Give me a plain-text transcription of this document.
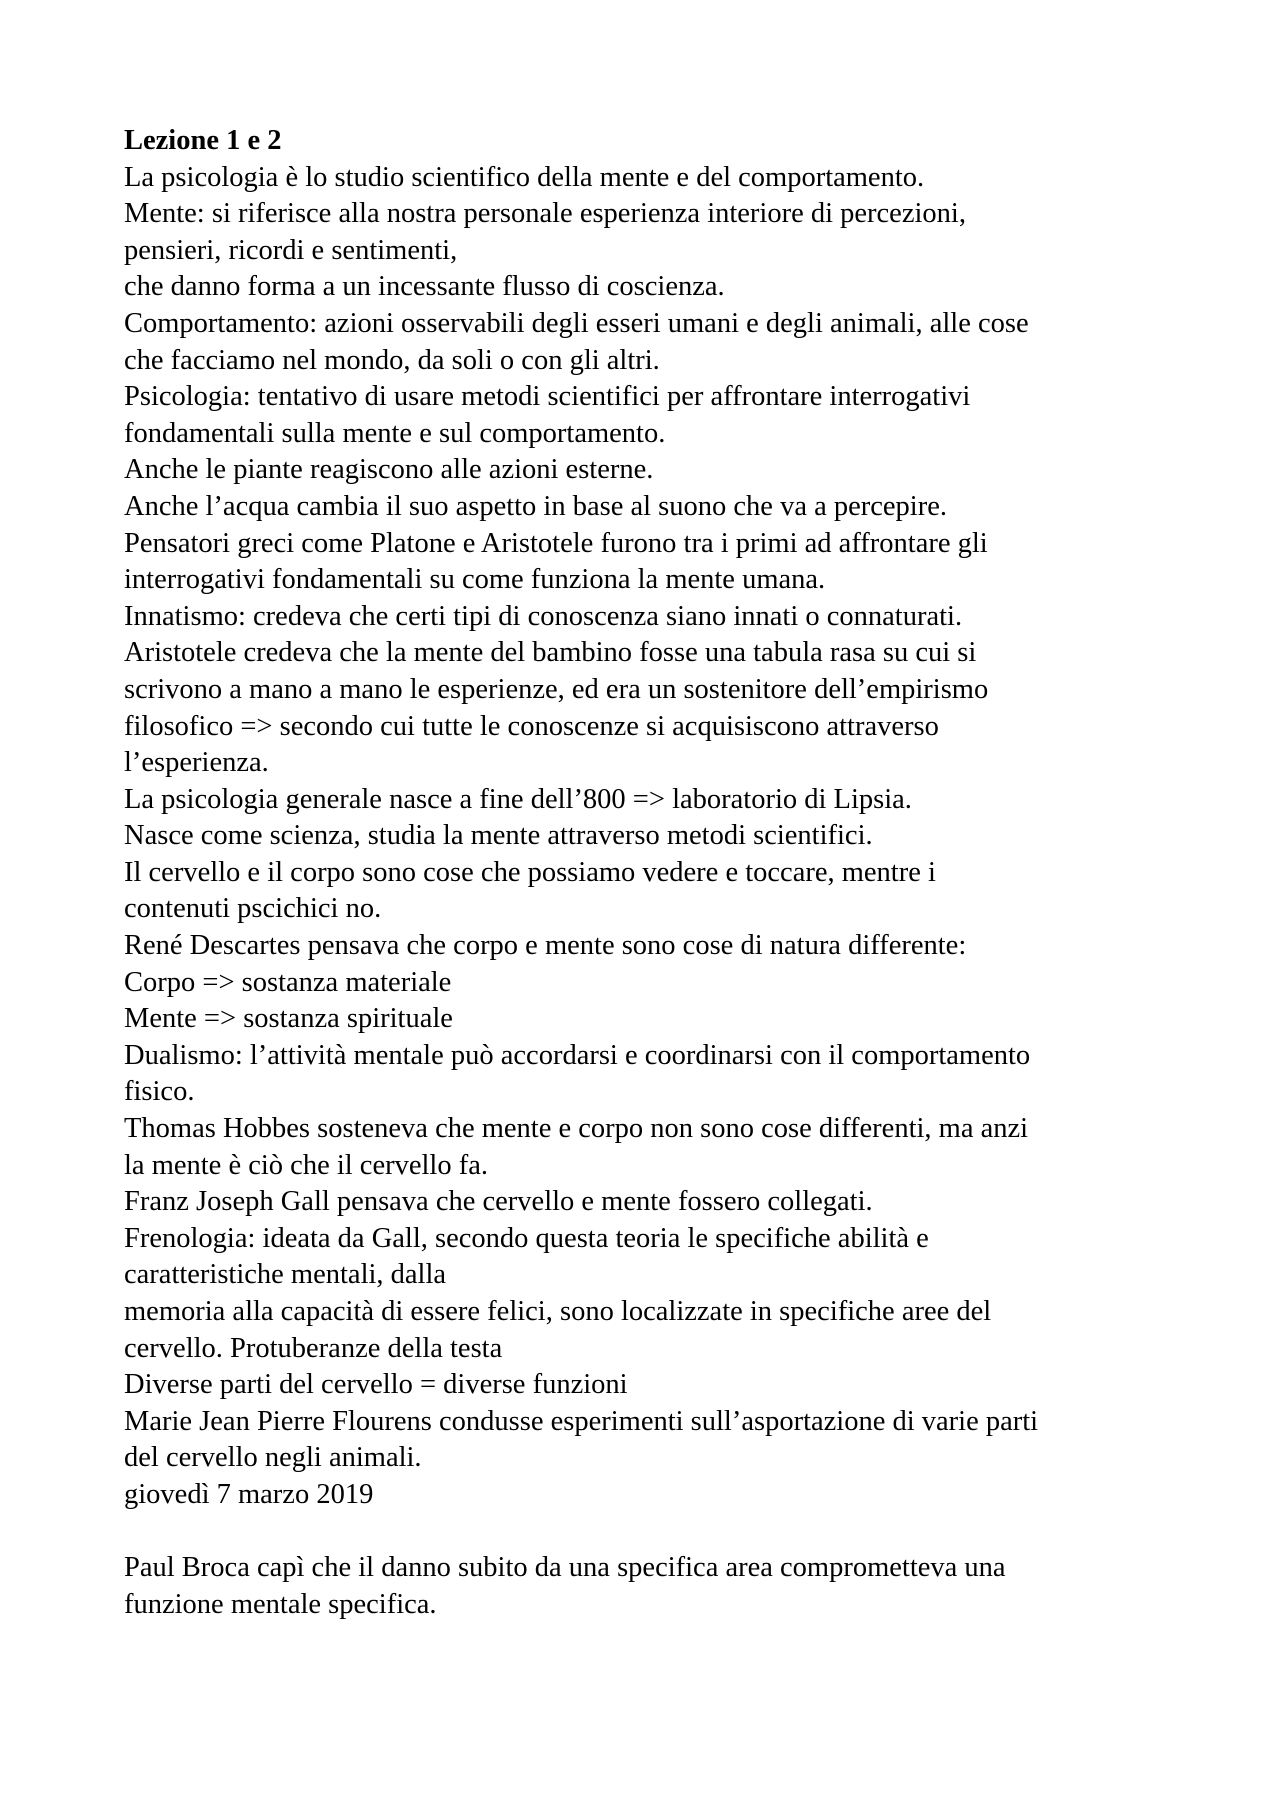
Lezione 1 e 2
La psicologia è lo studio scientifico della mente e del comportamento.
Mente: si riferisce alla nostra personale esperienza interiore di percezioni,
pensieri, ricordi e sentimenti,
che danno forma a un incessante flusso di coscienza.
Comportamento: azioni osservabili degli esseri umani e degli animali, alle cose
che facciamo nel mondo, da soli o con gli altri.
Psicologia: tentativo di usare metodi scientifici per affrontare interrogativi
fondamentali sulla mente e sul comportamento.
Anche le piante reagiscono alle azioni esterne.
Anche l’acqua cambia il suo aspetto in base al suono che va a percepire.
Pensatori greci come Platone e Aristotele furono tra i primi ad affrontare gli
interrogativi fondamentali su come funziona la mente umana.
Innatismo: credeva che certi tipi di conoscenza siano innati o connaturati.
Aristotele credeva che la mente del bambino fosse una tabula rasa su cui si
scrivono a mano a mano le esperienze, ed era un sostenitore dell’empirismo
filosofico => secondo cui tutte le conoscenze si acquisiscono attraverso
l’esperienza.
La psicologia generale nasce a fine dell’800 => laboratorio di Lipsia.
Nasce come scienza, studia la mente attraverso metodi scientifici.
Il cervello e il corpo sono cose che possiamo vedere e toccare, mentre i
contenuti pscichici no.
René Descartes pensava che corpo e mente sono cose di natura differente:
Corpo => sostanza materiale
Mente => sostanza spirituale
Dualismo: l’attività mentale può accordarsi e coordinarsi con il comportamento
fisico.
Thomas Hobbes sosteneva che mente e corpo non sono cose differenti, ma anzi
la mente è ciò che il cervello fa.
Franz Joseph Gall pensava che cervello e mente fossero collegati.
Frenologia: ideata da Gall, secondo questa teoria le specifiche abilità e
caratteristiche mentali, dalla
memoria alla capacità di essere felici, sono localizzate in specifiche aree del
cervello. Protuberanze della testa
Diverse parti del cervello = diverse funzioni
Marie Jean Pierre Flourens condusse esperimenti sull’asportazione di varie parti
del cervello negli animali.
giovedì 7 marzo 2019
Paul Broca capì che il danno subito da una specifica area comprometteva una
funzione mentale specifica.
